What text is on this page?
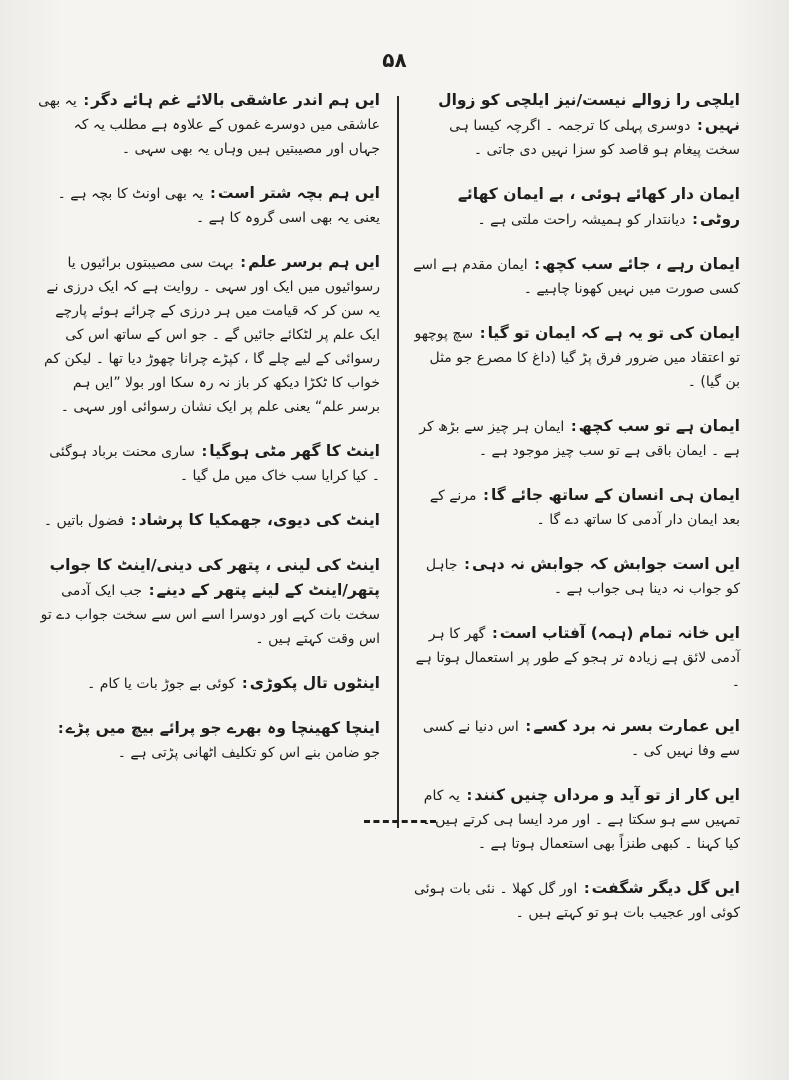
۵۸
ایلچی را زوالے نیست/نیز ایلچی کو زوال نہیں: دوسری پہلی کا ترجمہ ۔ اگرچہ کیسا ہی سخت پیغام ہو قاصد کو سزا نہیں دی جاتی ۔
ایمان دار کھائے ہوئی ، بے ایمان کھائے روٹی: دیانتدار کو ہمیشہ راحت ملتی ہے ۔
ایمان رہے ، جائے سب کچھ: ایمان مقدم ہے اسے کسی صورت میں نہیں کھونا چاہیے ۔
ایمان کی تو یہ ہے کہ ایمان تو گیا: سچ پوچھو تو اعتقاد میں ضرور فرق پڑ گیا (داغ کا مصرع جو مثل بن گیا) ۔
ایمان ہے تو سب کچھ: ایمان ہر چیز سے بڑھ کر ہے ۔ ایمان باقی ہے تو سب چیز موجود ہے ۔
ایمان ہی انسان کے ساتھ جائے گا: مرنے کے بعد ایمان دار آدمی کا ساتھ دے گا ۔
ایں است جوابش کہ جوابش نہ دہی: جاہل کو جواب نہ دینا ہی جواب ہے ۔
ایں خانہ تمام (ہمہ) آفتاب است: گھر کا ہر آدمی لائق ہے زیادہ تر ہجو کے طور پر استعمال ہوتا ہے ۔
ایں عمارت بسر نہ برد کسے: اس دنیا نے کسی سے وفا نہیں کی ۔
ایں کار از تو آید و مرداں چنیں کنند: یہ کام تمہیں سے ہو سکتا ہے ۔ اور مرد ایسا ہی کرتے ہیں ۔ کیا کہنا ۔ کبھی طنزاً بھی استعمال ہوتا ہے ۔
ایں گل دیگر شگفت: اور گل کھلا ۔ نئی بات ہوئی کوئی اور عجیب بات ہو تو کہتے ہیں ۔
ایں ہم اندر عاشقی بالائے غم ہائے دگر: یہ بھی عاشقی میں دوسرے غموں کے علاوہ ہے مطلب یہ کہ جہاں اور مصیبتیں ہیں وہاں یہ بھی سہی ۔
ایں ہم بچہ شتر است: یہ بھی اونٹ کا بچہ ہے ۔ یعنی یہ بھی اسی گروہ کا ہے ۔
ایں ہم برسر علم: بہت سی مصیبتوں برائیوں یا رسوائیوں میں ایک اور سہی ۔ روایت ہے کہ ایک درزی نے یہ سن کر کہ قیامت میں ہر درزی کے چرائے ہوئے پارچے ایک علم پر لٹکائے جائیں گے ۔ جو اس کے ساتھ اس کی رسوائی کے لیے چلے گا ، کپڑے چرانا چھوڑ دیا تھا ۔ لیکن کم خواب کا ٹکڑا دیکھ کر باز نہ رہ سکا اور بولا ”ایں ہم برسر علم“ یعنی علم پر ایک نشان رسوائی اور سہی ۔
اینٹ کا گھر مٹی ہوگیا: ساری محنت برباد ہوگئی ۔ کیا کرایا سب خاک میں مل گیا ۔
اینٹ کی دیوی، جھمکیا کا پرشاد: فضول باتیں ۔
اینٹ کی لینی ، پتھر کی دینی/اینٹ کا جواب پتھر/اینٹ کے لینے پتھر کے دینے: جب ایک آدمی سخت بات کہے اور دوسرا اسے اس سے سخت جواب دے تو اس وقت کہتے ہیں ۔
اینٹوں تال پکوڑی: کوئی بے جوڑ بات یا کام ۔
اینچا کھینچا وہ بھرے جو پرائے بیچ میں پڑے: جو ضامن بنے اس کو تکلیف اٹھانی پڑتی ہے ۔
